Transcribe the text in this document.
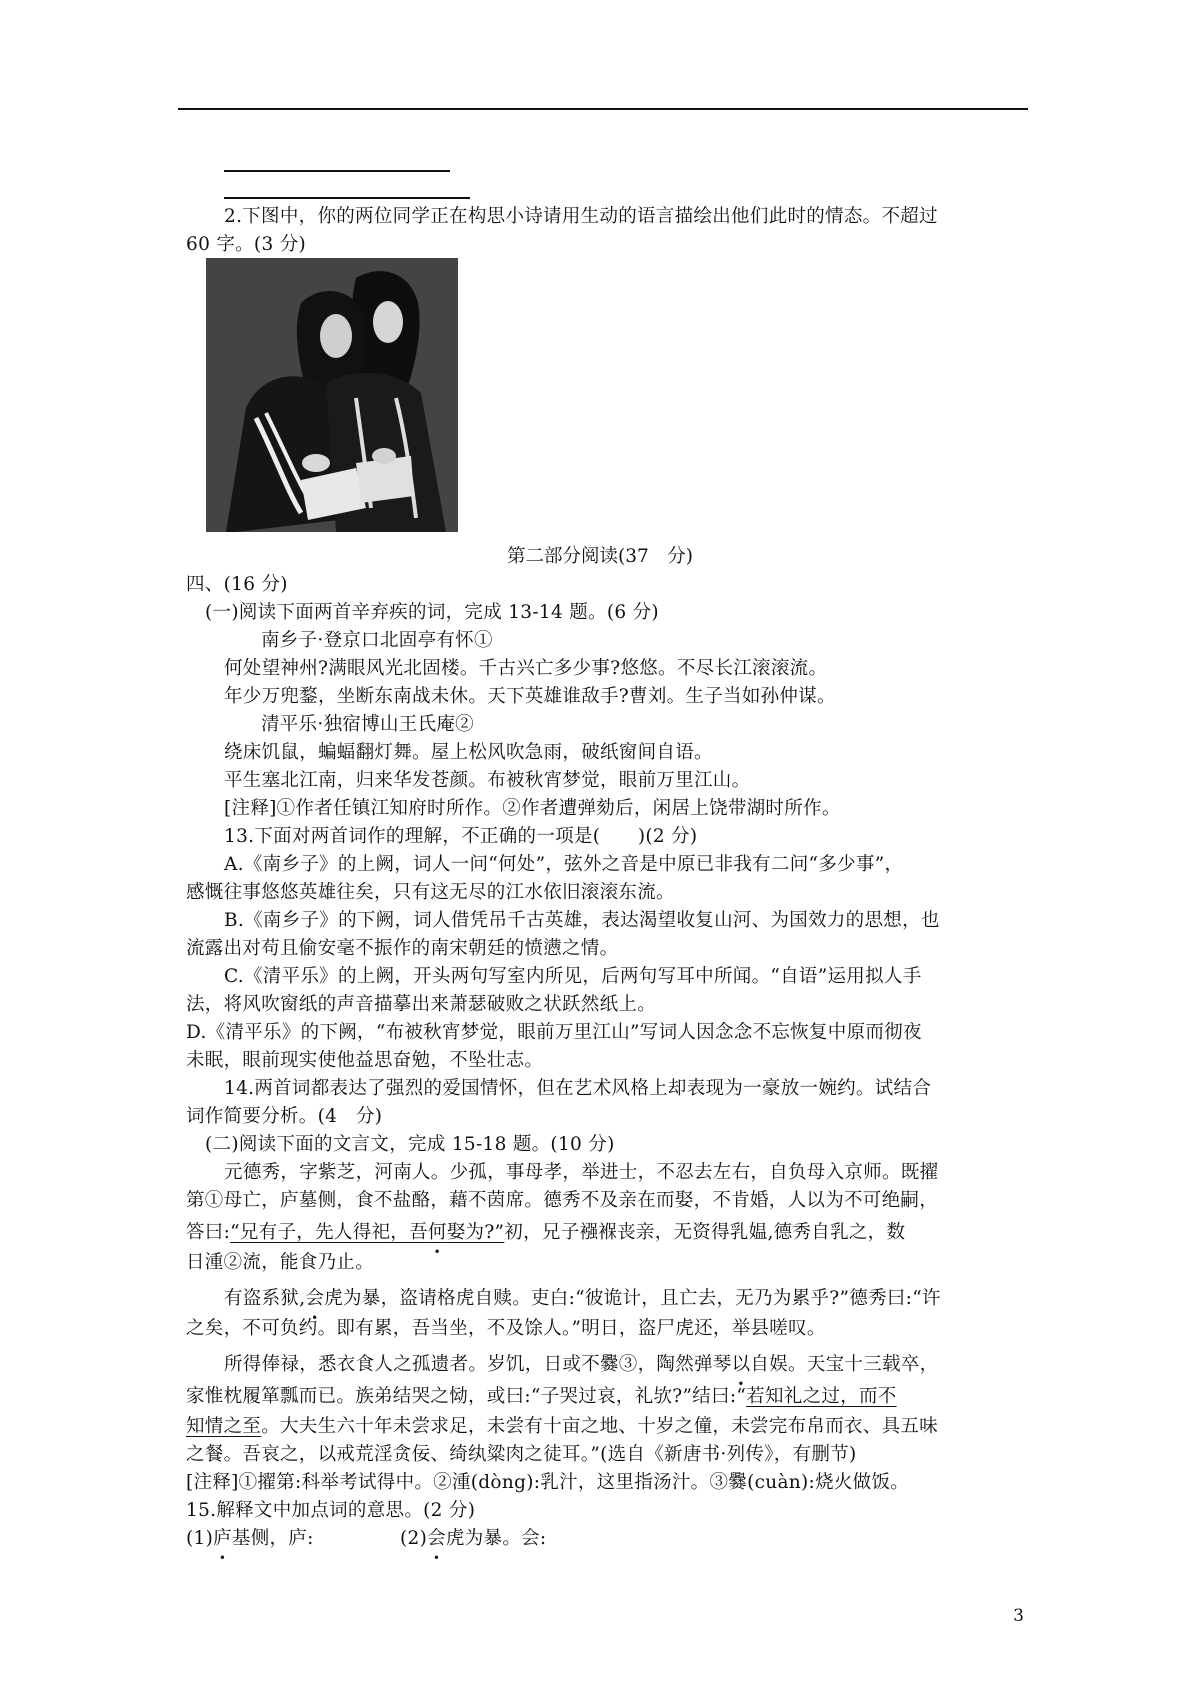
2.下图中，你的两位同学正在构思小诗请用生动的语言描绘出他们此时的情态。不超过
60 字。(3 分)
第二部分阅读(37　分)
四、(16 分)
(一)阅读下面两首辛弃疾的词，完成 13-14 题。(6 分)
南乡子·登京口北固亭有怀①
何处望神州?满眼风光北固楼。千古兴亡多少事?悠悠。不尽长江滚滚流。
年少万兜鍪，坐断东南战未休。天下英雄谁敌手?曹刘。生子当如孙仲谋。
清平乐·独宿博山王氏庵②
绕床饥鼠，蝙蝠翻灯舞。屋上松风吹急雨，破纸窗间自语。
平生塞北江南，归来华发苍颜。布被秋宵梦觉，眼前万里江山。
[注释]①作者任镇江知府时所作。②作者遭弹劾后，闲居上饶带湖时所作。
13.下面对两首词作的理解，不正确的一项是(　　)(2 分)
A.《南乡子》的上阙，词人一问“何处”，弦外之音是中原已非我有二问“多少事”，
感慨往事悠悠英雄往矣，只有这无尽的江水依旧滚滚东流。
B.《南乡子》的下阙，词人借凭吊千古英雄，表达渴望收复山河、为国效力的思想，也
流露出对苟且偷安毫不振作的南宋朝廷的愤懑之情。
C.《清平乐》的上阙，开头两句写室内所见，后两句写耳中所闻。“自语”运用拟人手
法，将风吹窗纸的声音描摹出来萧瑟破败之状跃然纸上。
D.《清平乐》的下阙，“布被秋宵梦觉，眼前万里江山”写词人因念念不忘恢复中原而彻夜
未眠，眼前现实使他益思奋勉，不坠壮志。
14.两首词都表达了强烈的爱国情怀，但在艺术风格上却表现为一豪放一婉约。试结合
词作简要分析。(4　分)
(二)阅读下面的文言文，完成 15-18 题。(10 分)
元德秀，字紫芝，河南人。少孤，事母孝，举进士，不忍去左右，自负母入京师。既擢
第①母亡，庐墓侧，食不盐酪，藉不茵席。德秀不及亲在而娶，不肯婚，人以为不可绝嗣，
答曰:“兄有子，先人得祀，吾何娶为?”初，兄子襁褓丧亲，无资得乳媪,德秀自乳之，数
日湩②流，能食乃止。
有盗系狱,会虎为暴，盗请格虎自赎。吏白:“彼诡计，且亡去，无乃为累乎?”德秀曰:“许
之矣，不可负约。即有累，吾当坐，不及馀人。”明日，盗尸虎还，举县嗟叹。
所得俸禄，悉衣食人之孤遗者。岁饥，日或不爨③，陶然弹琴以自娱。天宝十三载卒，
家惟枕履箪瓢而已。族弟结哭之恸，或曰:“子哭过哀，礼欤?”结曰:“若知礼之过，而不
知情之至。大夫生六十年未尝求足，未尝有十亩之地、十岁之僮，未尝完布帛而衣、具五味
之餐。吾哀之，以戒荒淫贪佞、绮纨粱肉之徒耳。”(选自《新唐书·列传》，有删节)
[注释]①擢第:科举考试得中。②湩(dòng):乳汁，这里指汤汁。③爨(cuàn):烧火做饭。
15.解释文中加点词的意思。(2 分)
(1)庐基侧，庐:	(2)会虎为暴。会:
3
